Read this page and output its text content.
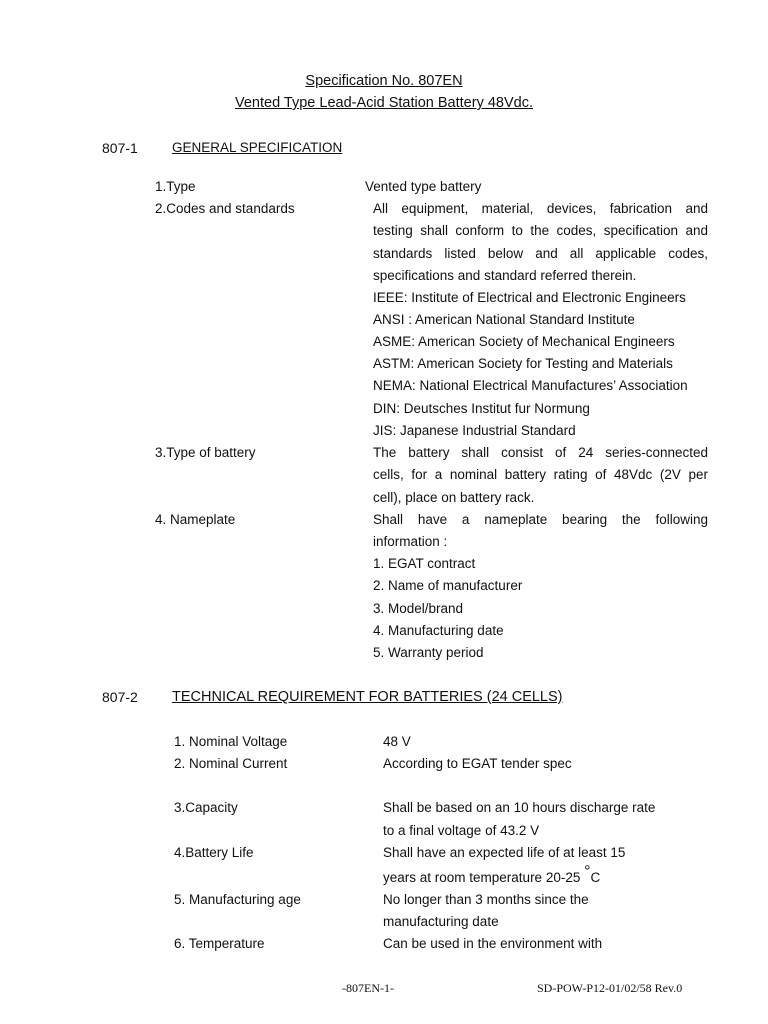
Specification No. 807EN
Vented Type Lead-Acid Station Battery 48Vdc.
807-1	GENERAL SPECIFICATION
1.Type	Vented type battery
2.Codes and standards	All equipment, material, devices, fabrication and
testing shall conform to the codes, specification and
standards listed below and all applicable codes,
specifications and standard referred therein.
IEEE: Institute of Electrical and Electronic Engineers
ANSI : American National Standard Institute
ASME: American Society of Mechanical Engineers
ASTM: American Society for Testing and Materials
NEMA: National Electrical Manufactures’ Association
DIN: Deutsches Institut fur Normung
JIS: Japanese Industrial Standard
3.Type of battery	The battery shall consist of 24 series-connected
cells, for a nominal battery rating of 48Vdc (2V per
cell), place on battery rack.
4. Nameplate	Shall have a nameplate bearing the following
information :
1. EGAT contract
2. Name of manufacturer
3. Model/brand
4. Manufacturing date
5. Warranty period
807-2 TECHNICAL REQUIREMENT FOR BATTERIES (24 CELLS)
1. Nominal Voltage	48 V
2. Nominal Current	According to EGAT tender spec
3.Capacity	Shall be based on an 10 hours discharge rate
to a final voltage of 43.2 V
4.Battery Life	Shall have an expected life of at least 15
years at room temperature 20-25 °C
5. Manufacturing age	No longer than 3 months since the
manufacturing date
6. Temperature	Can be used in the environment with
-807EN-1-	SD-POW-P12-01/02/58 Rev.0
